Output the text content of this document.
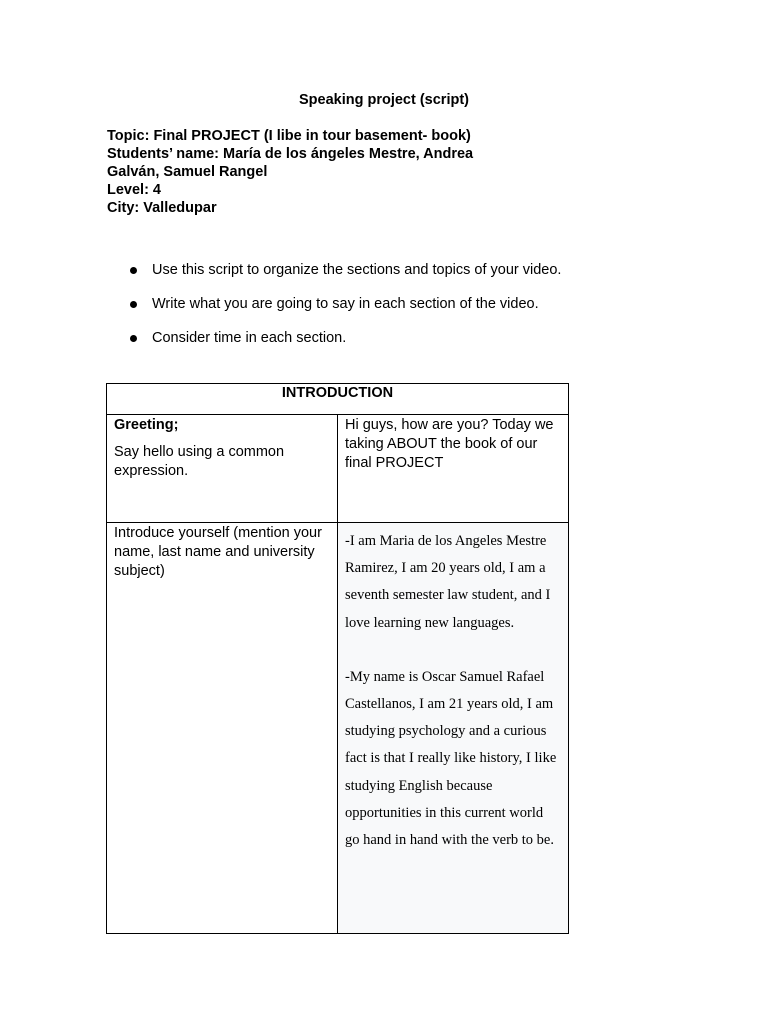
Speaking project (script)
Topic: Final PROJECT (I libe in tour basement- book)
Students’ name: María de los ángeles Mestre, Andrea
Galván, Samuel Rangel
Level: 4
City: Valledupar
Use this script to organize the sections and topics of your video.
Write what you are going to say in each section of the video.
Consider time in each section.
INTRODUCTION	

Greeting;
Say hello using a common expression.	Hi guys, how are you? Today we taking ABOUT the book of our final PROJECT
Introduce yourself (mention your name, last name and university subject)	-I am Maria de los Angeles Mestre Ramirez, I am 20 years old, I am a seventh semester law student, and I love learning new languages.
-My name is Oscar Samuel Rafael Castellanos, I am 21 years old, I am studying psychology and a curious fact is that I really like history, I like studying English because opportunities in this current world go hand in hand with the verb to be.
